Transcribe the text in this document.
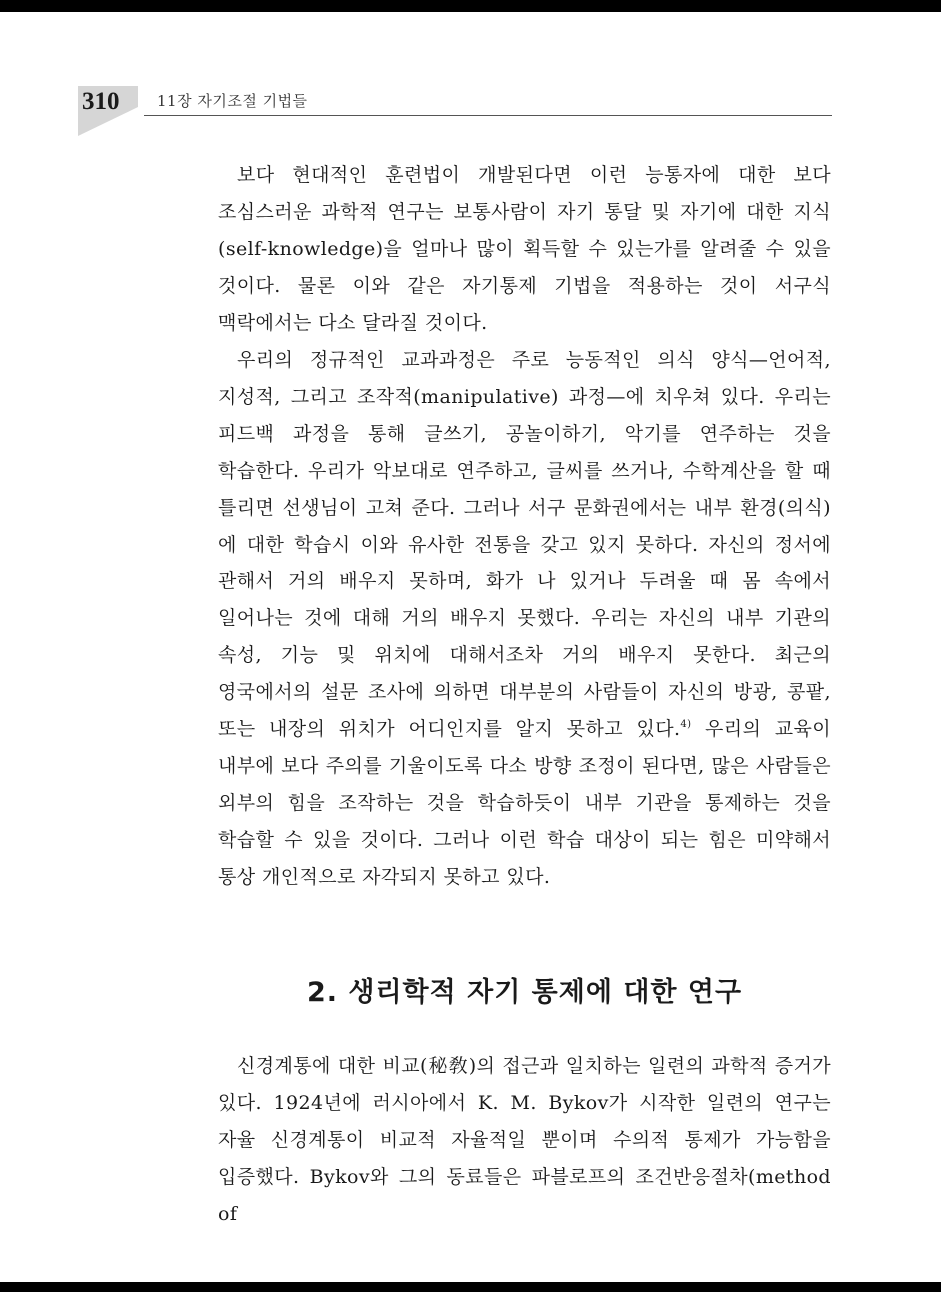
310	11장 자기조절 기법들

보다 현대적인 훈련법이 개발된다면 이런 능통자에 대한 보다 조심스러운 과학적 연구는 보통사람이 자기 통달 및 자기에 대한 지식(self-knowledge)을 얼마나 많이 획득할 수 있는가를 알려줄 수 있을 것이다. 물론 이와 같은 자기통제 기법을 적용하는 것이 서구식 맥락에서는 다소 달라질 것이다.

우리의 정규적인 교과과정은 주로 능동적인 의식 양식—언어적, 지성적, 그리고 조작적(manipulative) 과정—에 치우쳐 있다. 우리는 피드백 과정을 통해 글쓰기, 공놀이하기, 악기를 연주하는 것을 학습한다. 우리가 악보대로 연주하고, 글씨를 쓰거나, 수학계산을 할 때 틀리면 선생님이 고쳐 준다. 그러나 서구 문화권에서는 내부 환경(의식)에 대한 학습시 이와 유사한 전통을 갖고 있지 못하다. 자신의 정서에 관해서 거의 배우지 못하며, 화가 나 있거나 두려울 때 몸 속에서 일어나는 것에 대해 거의 배우지 못했다. 우리는 자신의 내부 기관의 속성, 기능 및 위치에 대해서조차 거의 배우지 못한다. 최근의 영국에서의 설문 조사에 의하면 대부분의 사람들이 자신의 방광, 콩팥, 또는 내장의 위치가 어디인지를 알지 못하고 있다.$^{4)}$ 우리의 교육이 내부에 보다 주의를 기울이도록 다소 방향 조정이 된다면, 많은 사람들은 외부의 힘을 조작하는 것을 학습하듯이 내부 기관을 통제하는 것을 학습할 수 있을 것이다. 그러나 이런 학습 대상이 되는 힘은 미약해서 통상 개인적으로 자각되지 못하고 있다.

2. 생리학적 자기 통제에 대한 연구

신경계통에 대한 비교(秘敎)의 접근과 일치하는 일련의 과학적 증거가 있다. 1924년에 러시아에서 K. M. Bykov가 시작한 일련의 연구는 자율 신경계통이 비교적 자율적일 뿐이며 수의적 통제가 가능함을 입증했다. Bykov와 그의 동료들은 파블로프의 조건반응절차(method of
